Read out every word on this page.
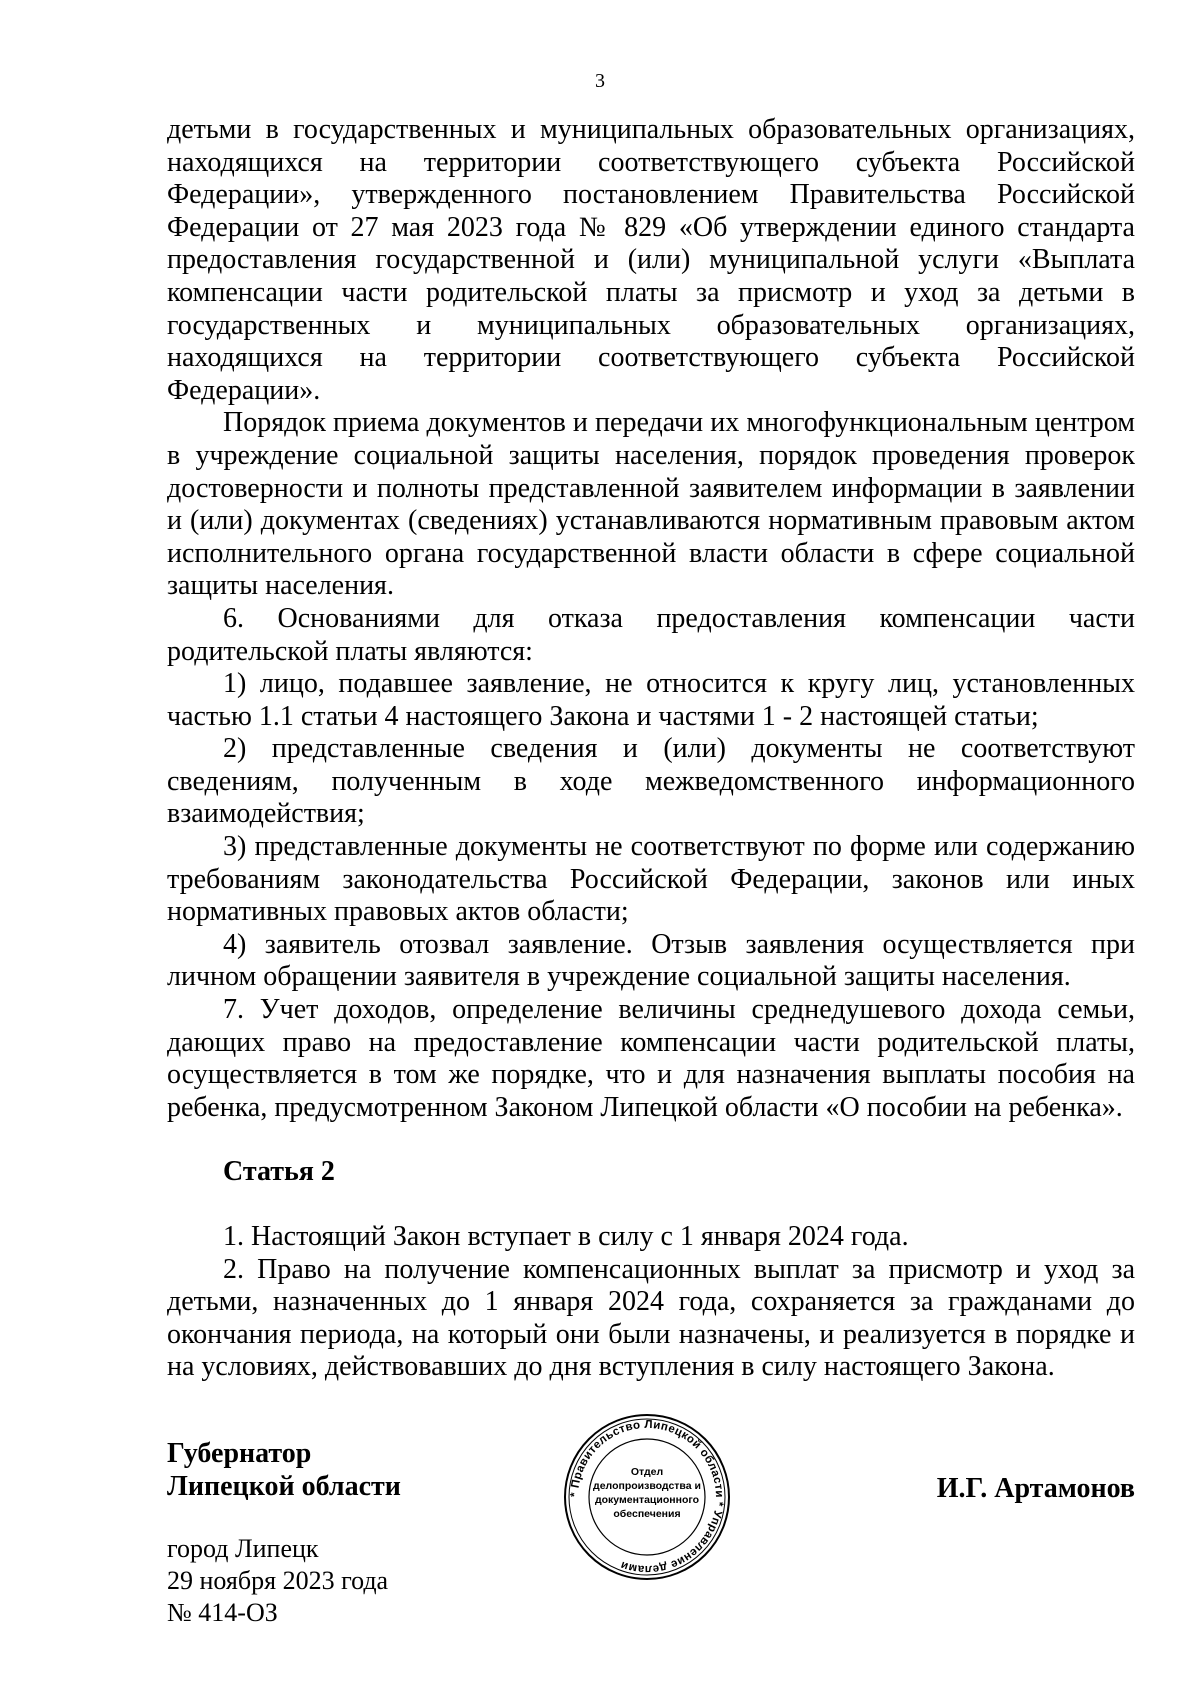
3

детьми в государственных и муниципальных образовательных организациях, находящихся на территории соответствующего субъекта Российской Федерации», утвержденного постановлением Правительства Российской Федерации от 27 мая 2023 года № 829 «Об утверждении единого стандарта предоставления государственной и (или) муниципальной услуги «Выплата компенсации части родительской платы за присмотр и уход за детьми в государственных и муниципальных образовательных организациях, находящихся на территории соответствующего субъекта Российской Федерации».

Порядок приема документов и передачи их многофункциональным центром в учреждение социальной защиты населения, порядок проведения проверок достоверности и полноты представленной заявителем информации в заявлении и (или) документах (сведениях) устанавливаются нормативным правовым актом исполнительного органа государственной власти области в сфере социальной защиты населения.

6. Основаниями для отказа предоставления компенсации части родительской платы являются:

1) лицо, подавшее заявление, не относится к кругу лиц, установленных частью 1.1 статьи 4 настоящего Закона и частями 1 - 2 настоящей статьи;

2) представленные сведения и (или) документы не соответствуют сведениям, полученным в ходе межведомственного информационного взаимодействия;

3) представленные документы не соответствуют по форме или содержанию требованиям законодательства Российской Федерации, законов или иных нормативных правовых актов области;

4) заявитель отозвал заявление. Отзыв заявления осуществляется при личном обращении заявителя в учреждение социальной защиты населения.

7. Учет доходов, определение величины среднедушевого дохода семьи, дающих право на предоставление компенсации части родительской платы, осуществляется в том же порядке, что и для назначения выплаты пособия на ребенка, предусмотренном Законом Липецкой области «О пособии на ребенка».

Статья 2

1. Настоящий Закон вступает в силу с 1 января 2024 года.

2. Право на получение компенсационных выплат за присмотр и уход за детьми, назначенных до 1 января 2024 года, сохраняется за гражданами до окончания периода, на который они были назначены, и реализуется в порядке и на условиях, действовавших до дня вступления в силу настоящего Закона.

Губернатор
Липецкой области	И.Г. Артамонов
город Липецк
29 ноября 2023 года
№ 414-ОЗ
* Правительство Липецкой области * Управление делами
Отдел
делопроизводства и
документационного
обеспечения
